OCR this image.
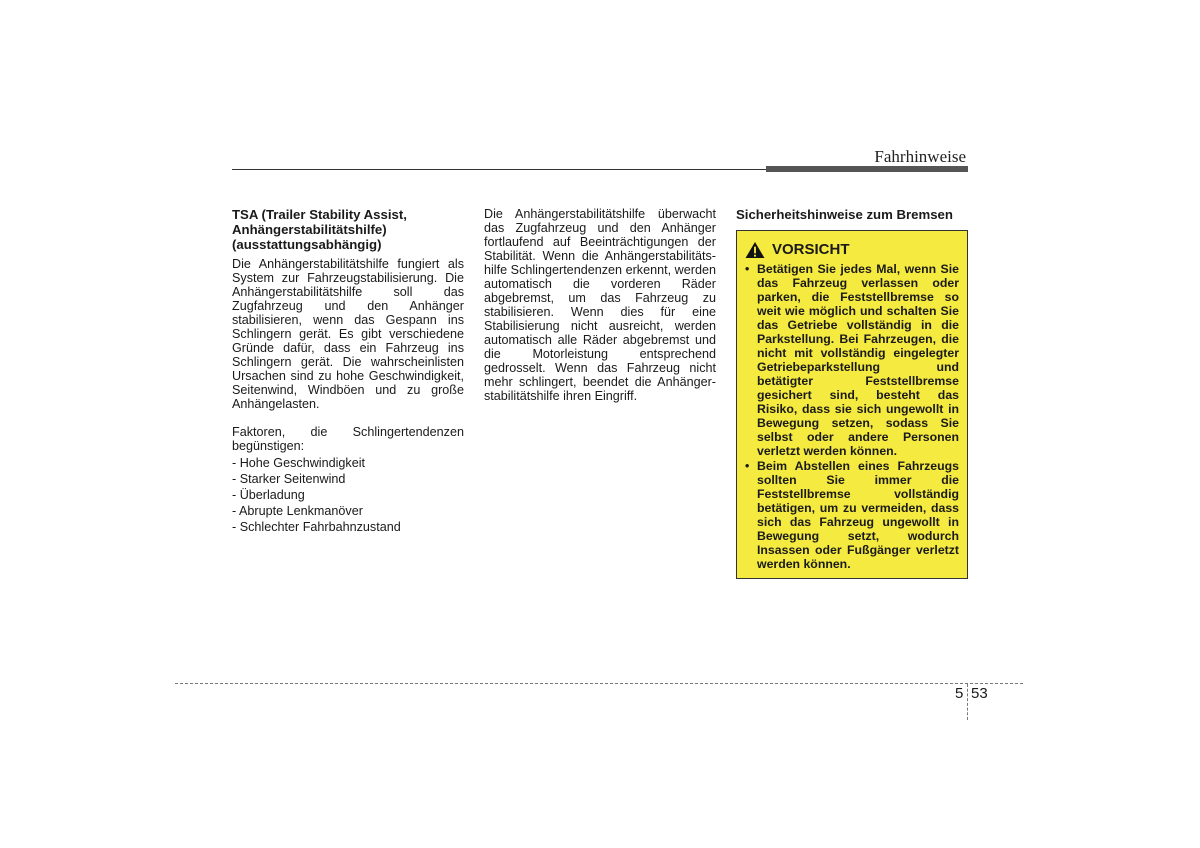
Fahrhinweise
TSA (Trailer Stability Assist, Anhängerstabilitätshilfe) (ausstattungsabhängig)

Die Anhängerstabilitätshilfe fungiert als System zur Fahrzeugstabilisierung. Die Anhängerstabilitätshilfe soll das Zugfahrzeug und den Anhänger stabilisieren, wenn das Gespann ins Schlingern gerät. Es gibt verschiedene Gründe dafür, dass ein Fahrzeug ins Schlingern gerät. Die wahrscheinlisten Ursachen sind zu hohe Geschwindigkeit, Seitenwind, Windböen und zu große Anhängelasten.

Faktoren, die Schlingertendenzen begünstigen:

- Hohe Geschwindigkeit
- Starker Seitenwind
- Überladung
- Abrupte Lenkmanöver
- Schlechter Fahrbahnzustand

Die Anhängerstabilitätshilfe überwacht das Zugfahrzeug und den Anhänger fortlaufend auf Beeinträchtigungen der Stabilität. Wenn die Anhängerstabilitätshilfe Schlingertendenzen erkennt, werden automatisch die vorderen Räder abgebremst, um das Fahrzeug zu stabilisieren. Wenn dies für eine Stabilisierung nicht ausreicht, werden automatisch alle Räder abgebremst und die Motorleistung entsprechend gedrosselt. Wenn das Fahrzeug nicht mehr schlingert, beendet die Anhängerstabilitätshilfe ihren Eingriff.

Sicherheitshinweise zum Bremsen
VORSICHT
• Betätigen Sie jedes Mal, wenn Sie das Fahrzeug verlassen oder parken, die Feststellbremse so weit wie möglich und schalten Sie das Getriebe vollständig in die Parkstellung. Bei Fahrzeugen, die nicht mit vollständig eingelegter Getriebeparkstellung und betätigter Feststellbremse gesichert sind, besteht das Risiko, dass sie sich ungewollt in Bewegung setzen, sodass Sie selbst oder andere Personen verletzt werden können.
• Beim Abstellen eines Fahrzeugs sollten Sie immer die Feststellbremse vollständig betätigen, um zu vermeiden, dass sich das Fahrzeug ungewollt in Bewegung setzt, wodurch Insassen oder Fußgänger verletzt werden können.
5 53
